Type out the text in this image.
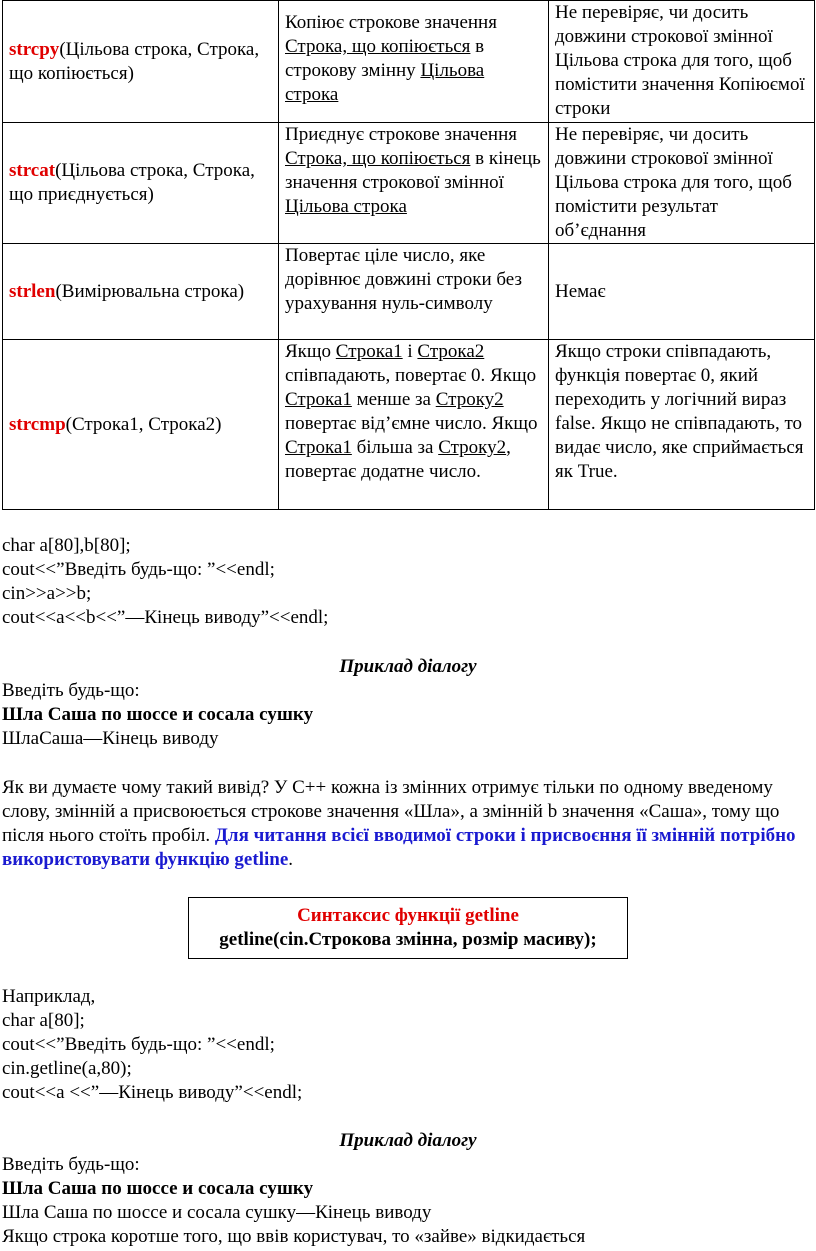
strcpy(Цільова строка, Строка, що копіюється)	Копіює строкове значення Строка, що копіюється в строкову змінну Цільова строка	Не перевіряє, чи досить довжини строкової змінної Цільова строка для того, щоб помістити значення Копіюємої строки
strcat(Цільова строка, Строка, що приєднується)	Приєднує строкове значення Строка, що копіюється в кінець значення строкової змінної Цільова строка	Не перевіряє, чи досить довжини строкової змінної Цільова строка для того, щоб помістити результат об’єднання
strlen(Вимірювальна строка)	Повертає ціле число, яке дорівнює довжині строки без урахування нуль-символу	Немає
strcmp(Строка1, Строка2)	Якщо Строка1 і Строка2 співпадають, повертає 0. Якщо Строка1 менше за Строку2 повертає від’ємне число. Якщо Строка1 більша за Строку2, повертає додатне число.	Якщо строки співпадають, функція повертає 0, який переходить у логічний вираз false. Якщо не співпадають, то видає число, яке сприймається як True.
char a[80],b[80];
cout<<”Введіть будь-що: ”<<endl;
cin>>a>>b;
cout<<a<<b<<”—Кінець виводу”<<endl;
Приклад діалогу
Введіть будь-що:
Шла Саша по шоссе и сосала сушку
ШлаСаша—Кінець виводу
Як ви думаєте чому такий вивід? У С++ кожна із змінних отримує тільки по одному введеному слову, змінній а присвоюється строкове значення «Шла», а змінній b значення «Саша», тому що після нього стоїть пробіл. Для читання всієї вводимої строки і присвоєння її змінній потрібно використовувати функцію getline.
Синтаксис функції getline
getline(cin.Строкова змінна, розмір масиву);
Наприклад,
char a[80];
cout<<”Введіть будь-що: ”<<endl;
cin.getline(a,80);
cout<<a <<”—Кінець виводу”<<endl;
Приклад діалогу
Введіть будь-що:
Шла Саша по шоссе и сосала сушку
Шла Саша по шоссе и сосала сушку—Кінець виводу
Якщо строка коротше того, що ввів користувач, то «зайве» відкидається
